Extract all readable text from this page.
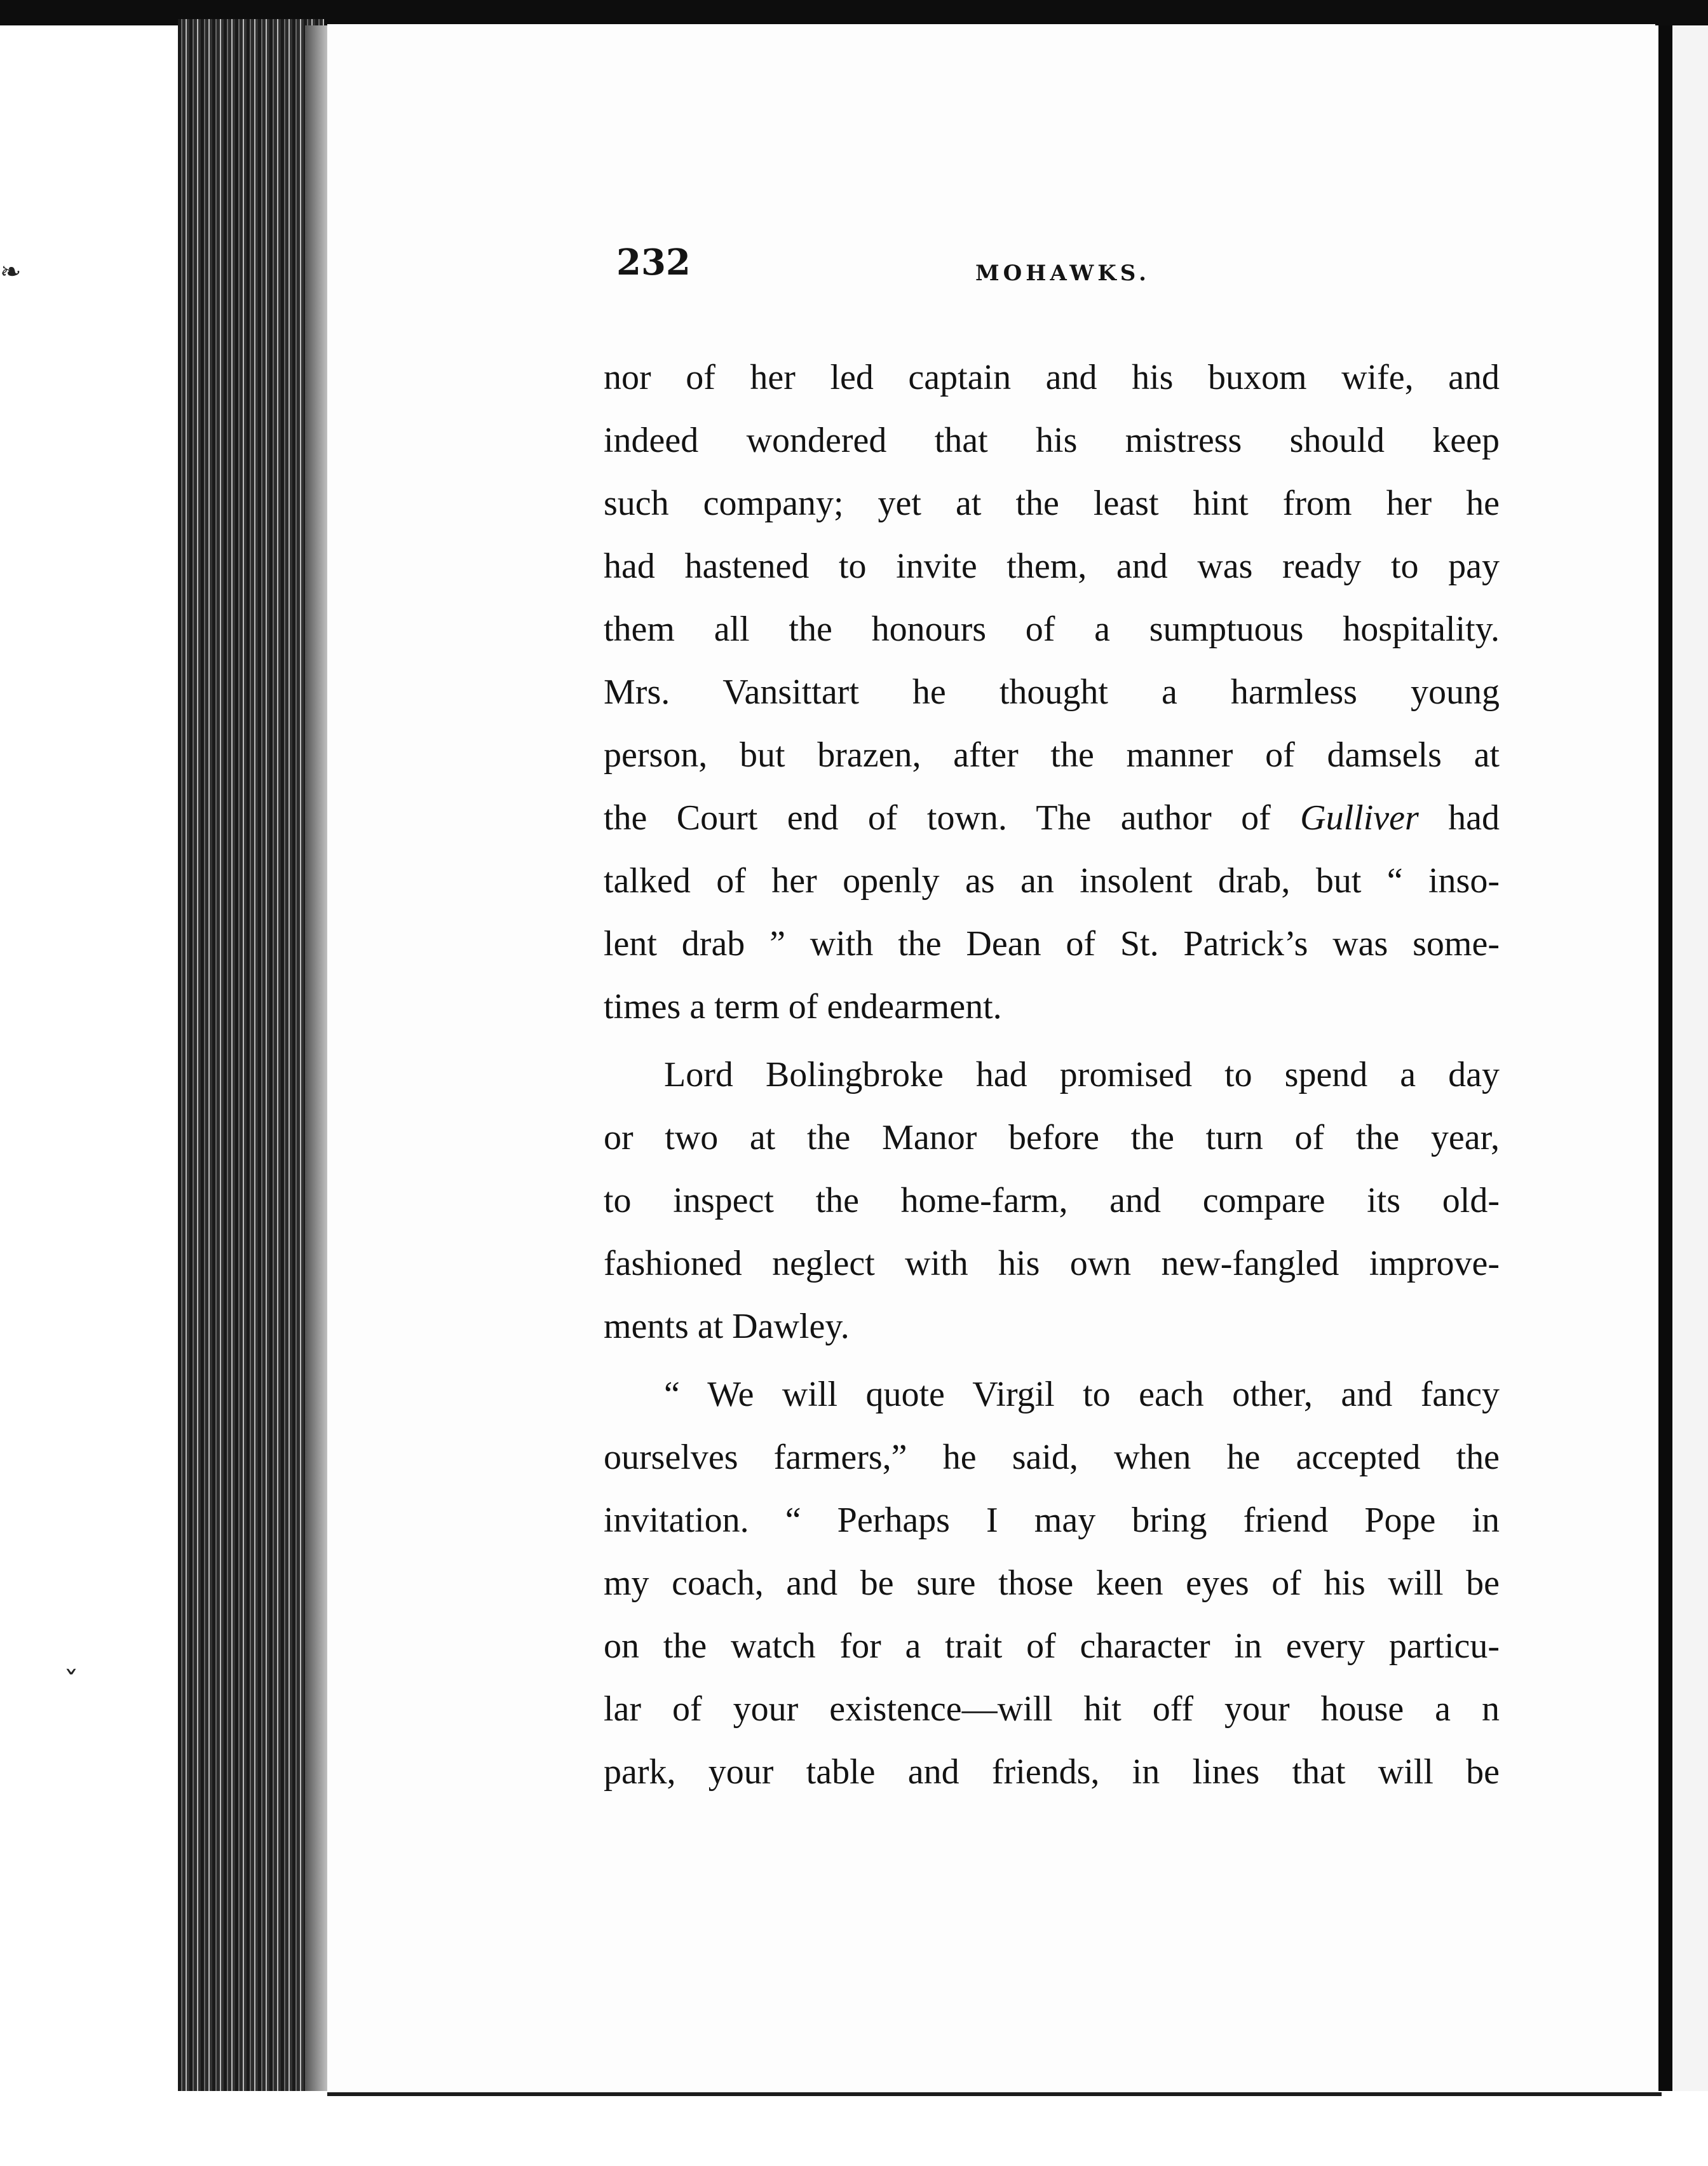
❧
ˇ
232	MOHAWKS.
nor of her led captain and his buxom wife, and
indeed wondered that his mistress should keep
such company; yet at the least hint from her he
had hastened to invite them, and was ready to pay
them all the honours of a sumptuous hospitality.
Mrs. Vansittart he thought a harmless young
person, but brazen, after the manner of damsels at
the Court end of town. The author of Gulliver had
talked of her openly as an insolent drab, but “ inso-
lent drab ” with the Dean of St. Patrick’s was some-
times a term of endearment.
Lord Bolingbroke had promised to spend a day
or two at the Manor before the turn of the year,
to inspect the home-farm, and compare its old-
fashioned neglect with his own new-fangled improve-
ments at Dawley.
“ We will quote Virgil to each other, and fancy
ourselves farmers,” he said, when he accepted the
invitation. “ Perhaps I may bring friend Pope in
my coach, and be sure those keen eyes of his will be
on the watch for a trait of character in every particu-
lar of your existence—will hit off your house a n
park, your table and friends, in lines that will be
